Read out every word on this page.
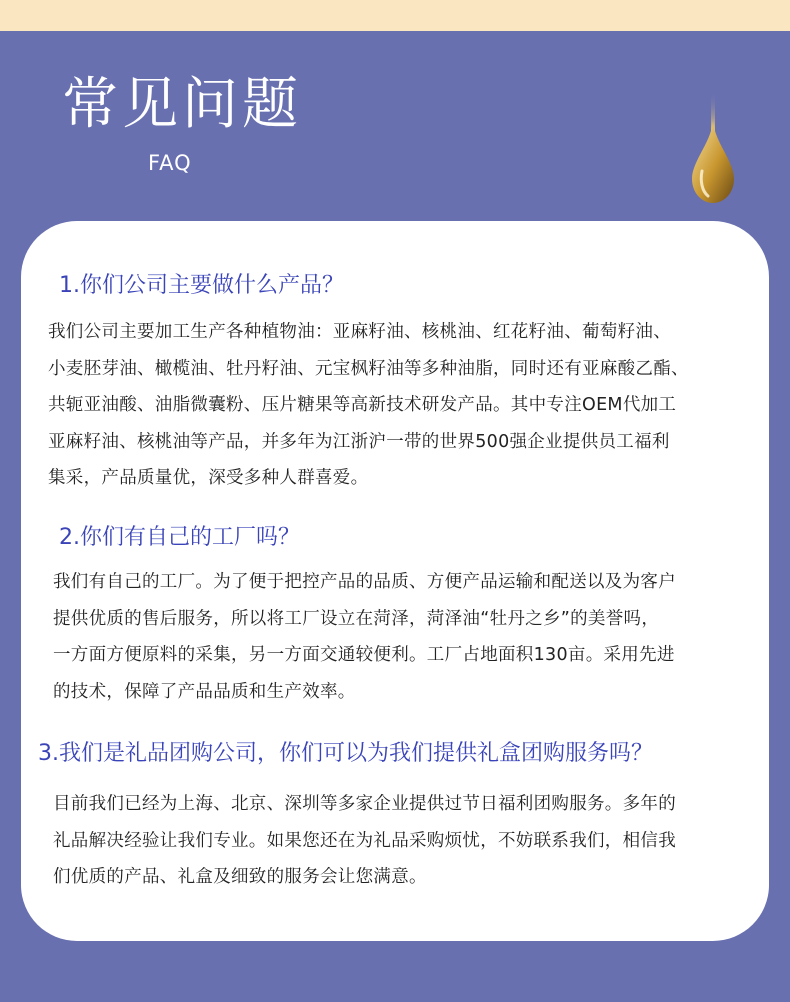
常见问题
FAQ
1.你们公司主要做什么产品？

我们公司主要加工生产各种植物油：亚麻籽油、核桃油、红花籽油、葡萄籽油、

小麦胚芽油、橄榄油、牡丹籽油、元宝枫籽油等多种油脂，同时还有亚麻酸乙酯、

共轭亚油酸、油脂微囊粉、压片糖果等高新技术研发产品。其中专注OEM代加工

亚麻籽油、核桃油等产品，并多年为江浙沪一带的世界500强企业提供员工福利

集采，产品质量优，深受多种人群喜爱。

2.你们有自己的工厂吗？

我们有自己的工厂。为了便于把控产品的品质、方便产品运输和配送以及为客户

提供优质的售后服务，所以将工厂设立在菏泽，菏泽油“牡丹之乡”的美誉吗，

一方面方便原料的采集，另一方面交通较便利。工厂占地面积130亩。采用先进

的技术，保障了产品品质和生产效率。

3.我们是礼品团购公司，你们可以为我们提供礼盒团购服务吗？

目前我们已经为上海、北京、深圳等多家企业提供过节日福利团购服务。多年的

礼品解决经验让我们专业。如果您还在为礼品采购烦忧，不妨联系我们，相信我

们优质的产品、礼盒及细致的服务会让您满意。
